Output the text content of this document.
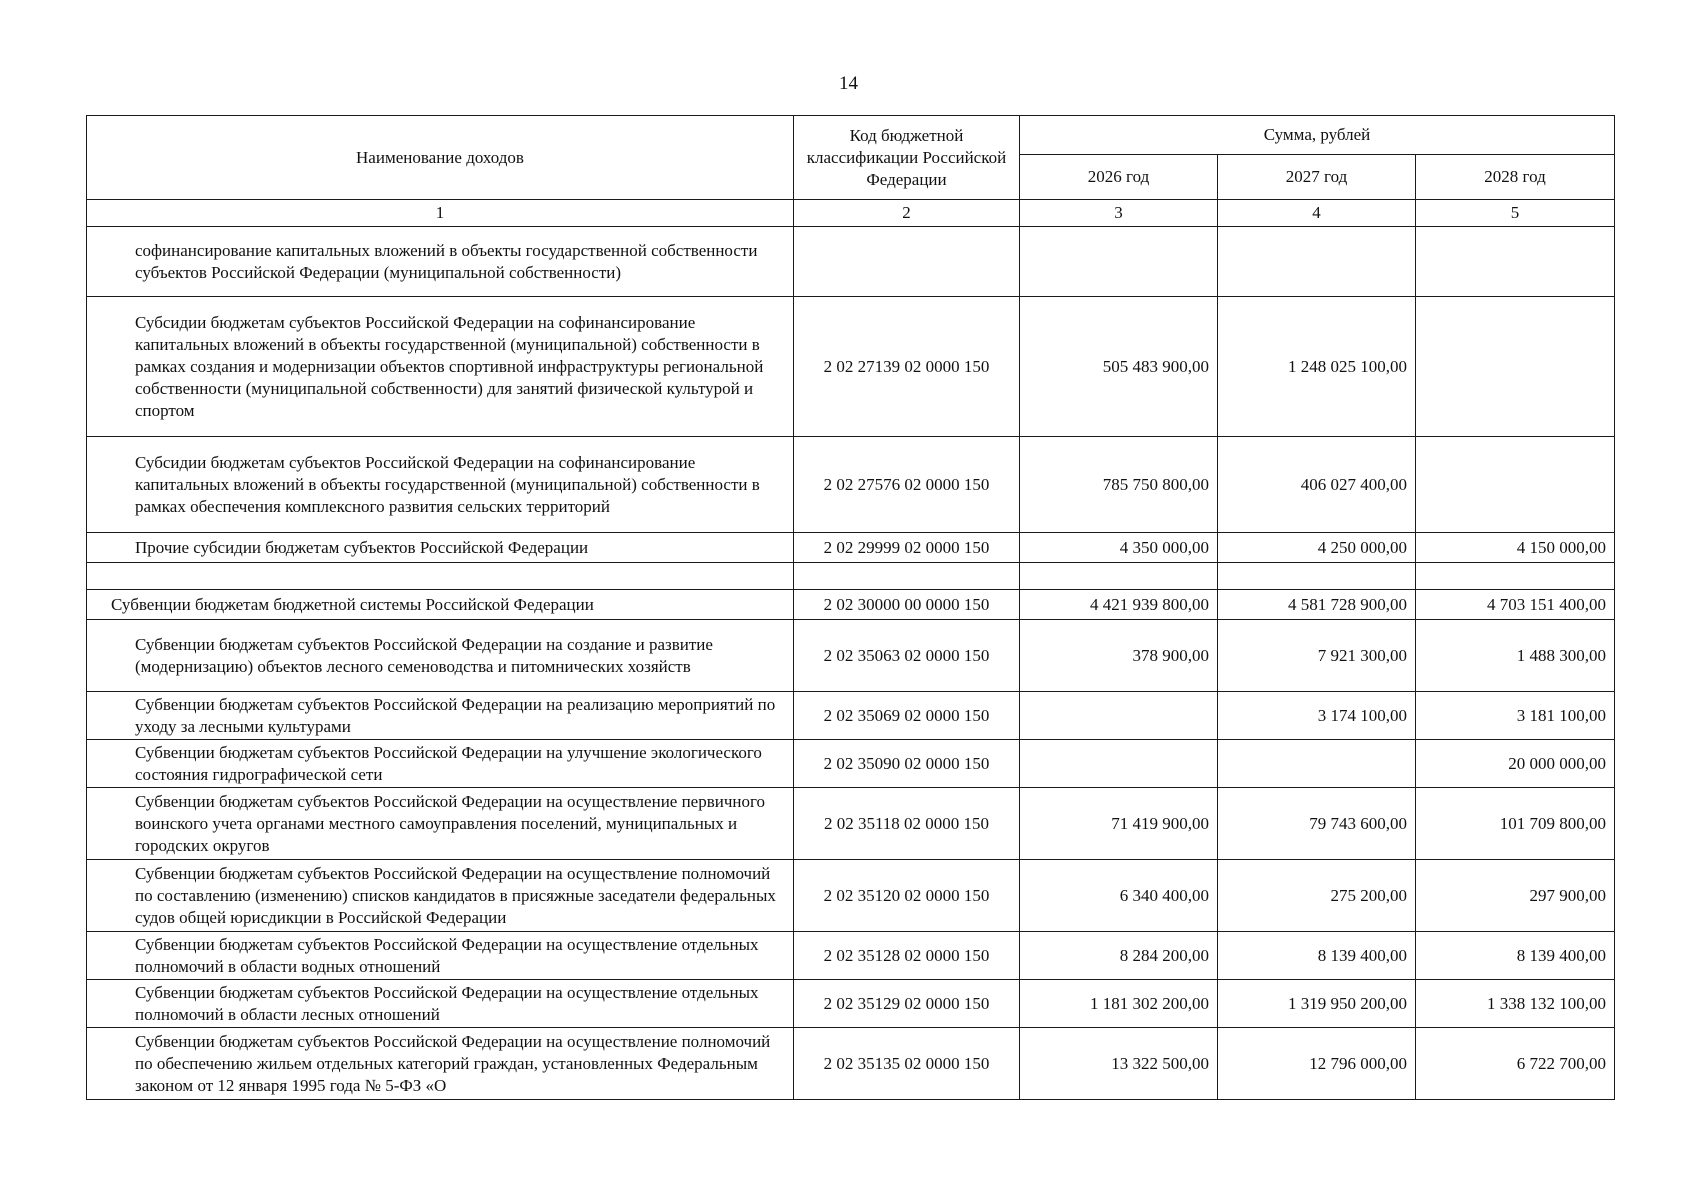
14
Наименование доходов	Код бюджетной классификации Российской Федерации	Сумма, рублей		
		2026 год	2027 год	2028 год
1	2	3	4	5
софинансирование капитальных вложений в объекты государственной собственности субъектов Российской Федерации (муниципальной собственности)				
Субсидии бюджетам субъектов Российской Федерации на софинансирование капитальных вложений в объекты государственной (муниципальной) собственности в рамках создания и модернизации объектов спортивной инфраструктуры региональной собственности (муниципальной собственности) для занятий физической культурой и спортом	2 02 27139 02 0000 150	505 483 900,00	1 248 025 100,00	
Субсидии бюджетам субъектов Российской Федерации на софинансирование капитальных вложений в объекты государственной (муниципальной) собственности в рамках обеспечения комплексного развития сельских территорий	2 02 27576 02 0000 150	785 750 800,00	406 027 400,00	
Прочие субсидии бюджетам субъектов Российской Федерации	2 02 29999 02 0000 150	4 350 000,00	4 250 000,00	4 150 000,00

Субвенции бюджетам бюджетной системы Российской Федерации	2 02 30000 00 0000 150	4 421 939 800,00	4 581 728 900,00	4 703 151 400,00
Субвенции бюджетам субъектов Российской Федерации на создание и развитие (модернизацию) объектов лесного семеноводства и питомнических хозяйств	2 02 35063 02 0000 150	378 900,00	7 921 300,00	1 488 300,00
Субвенции бюджетам субъектов Российской Федерации на реализацию мероприятий по уходу за лесными культурами	2 02 35069 02 0000 150		3 174 100,00	3 181 100,00
Субвенции бюджетам субъектов Российской Федерации на улучшение экологического состояния гидрографической сети	2 02 35090 02 0000 150			20 000 000,00
Субвенции бюджетам субъектов Российской Федерации на осуществление первичного воинского учета органами местного самоуправления поселений, муниципальных и городских округов	2 02 35118 02 0000 150	71 419 900,00	79 743 600,00	101 709 800,00
Субвенции бюджетам субъектов Российской Федерации на осуществление полномочий по составлению (изменению) списков кандидатов в присяжные заседатели федеральных судов общей юрисдикции в Российской Федерации	2 02 35120 02 0000 150	6 340 400,00	275 200,00	297 900,00
Субвенции бюджетам субъектов Российской Федерации на осуществление отдельных полномочий в области водных отношений	2 02 35128 02 0000 150	8 284 200,00	8 139 400,00	8 139 400,00
Субвенции бюджетам субъектов Российской Федерации на осуществление отдельных полномочий в области лесных отношений	2 02 35129 02 0000 150	1 181 302 200,00	1 319 950 200,00	1 338 132 100,00
Субвенции бюджетам субъектов Российской Федерации на осуществление полномочий по обеспечению жильем отдельных категорий граждан, установленных Федеральным законом от 12 января 1995 года № 5-ФЗ «О	2 02 35135 02 0000 150	13 322 500,00	12 796 000,00	6 722 700,00
